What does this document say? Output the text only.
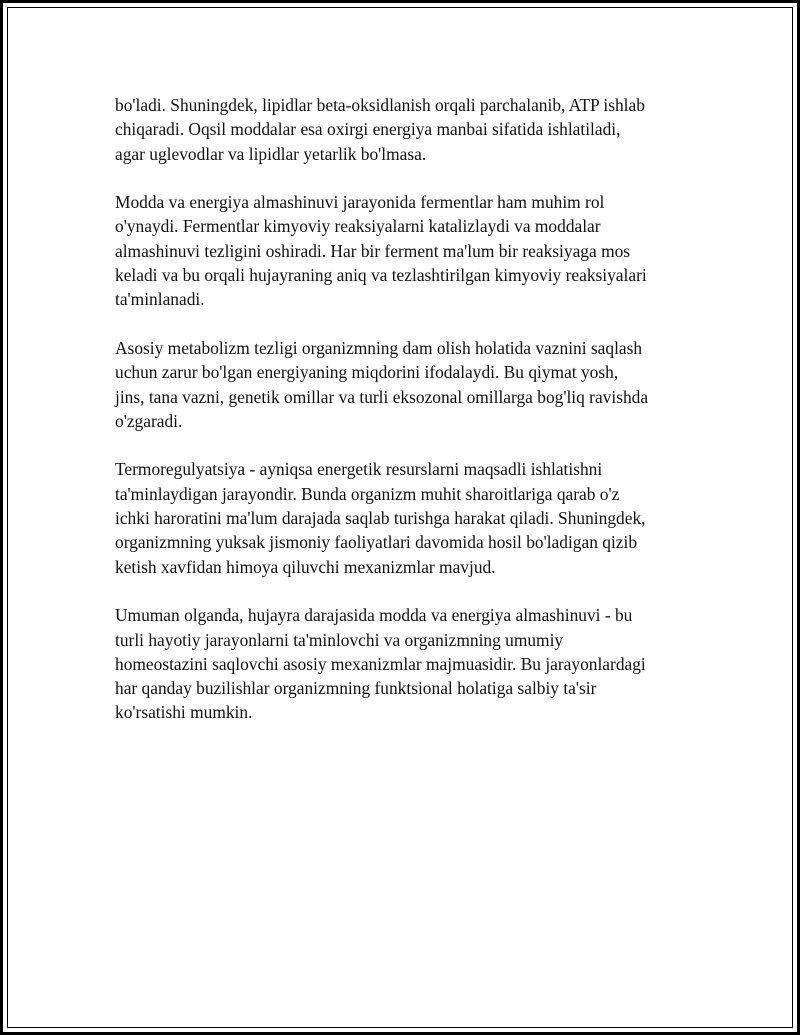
bo'ladi. Shuningdek, lipidlar beta-oksidlanish orqali parchalanib, ATP ishlab
chiqaradi. Oqsil moddalar esa oxirgi energiya manbai sifatida ishlatiladi,
agar uglevodlar va lipidlar yetarlik bo'lmasa.

Modda va energiya almashinuvi jarayonida fermentlar ham muhim rol
o'ynaydi. Fermentlar kimyoviy reaksiyalarni katalizlaydi va moddalar
almashinuvi tezligini oshiradi. Har bir ferment ma'lum bir reaksiyaga mos
keladi va bu orqali hujayraning aniq va tezlashtirilgan kimyoviy reaksiyalari
ta'minlanadi.

Asosiy metabolizm tezligi organizmning dam olish holatida vaznini saqlash
uchun zarur bo'lgan energiyaning miqdorini ifodalaydi. Bu qiymat yosh,
jins, tana vazni, genetik omillar va turli eksozonal omillarga bog'liq ravishda
o'zgaradi.

Termoregulyatsiya - ayniqsa energetik resurslarni maqsadli ishlatishni
ta'minlaydigan jarayondir. Bunda organizm muhit sharoitlariga qarab o'z
ichki haroratini ma'lum darajada saqlab turishga harakat qiladi. Shuningdek,
organizmning yuksak jismoniy faoliyatlari davomida hosil bo'ladigan qizib
ketish xavfidan himoya qiluvchi mexanizmlar mavjud.

Umuman olganda, hujayra darajasida modda va energiya almashinuvi - bu
turli hayotiy jarayonlarni ta'minlovchi va organizmning umumiy
homeostazini saqlovchi asosiy mexanizmlar majmuasidir. Bu jarayonlardagi
har qanday buzilishlar organizmning funktsional holatiga salbiy ta'sir
ko'rsatishi mumkin.
